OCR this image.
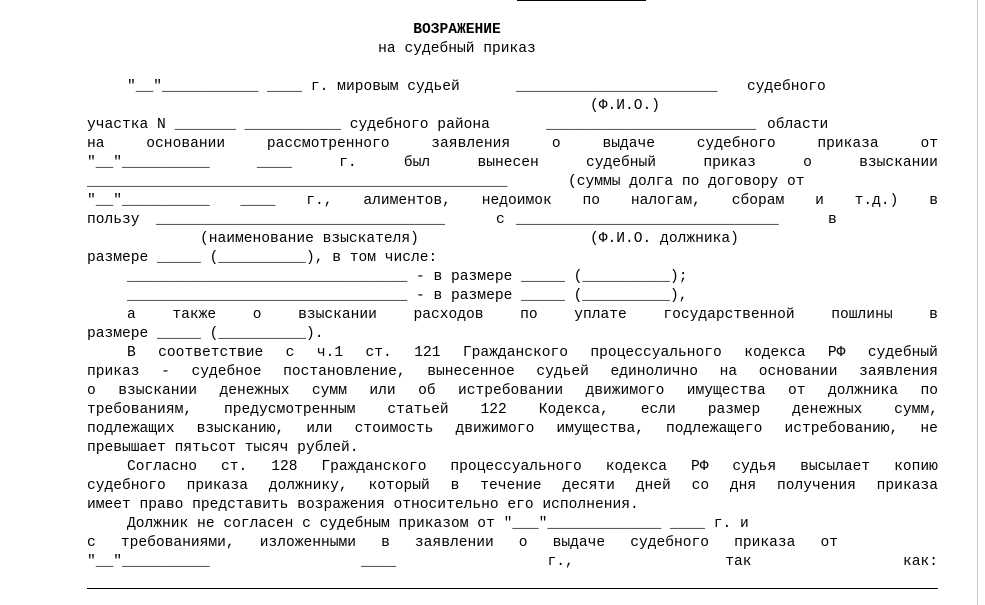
ВОЗРАЖЕНИЕ
на судебный приказ
"__"___________ ____ г. мировым судьей	_______________________ судебного
(Ф.И.О.)
участка N _______ ___________ судебного района	________________________ области
на	основании	рассмотренного	заявления	о	выдаче	судебного	приказа	от
"__"__________	____	г.	был	вынесен	судебный	приказ	о	взыскании
________________________________________________	(суммы долга по договору от
"__"__________ ____ г., алиментов, недоимок по налогам, сборам и т.д.) в
пользу _________________________________	с ______________________________	в
(наименование взыскателя)	(Ф.И.О. должника)
размере _____ (__________), в том числе:
________________________________ - в размере _____ (__________);
________________________________ - в размере _____ (__________),
а	также	о	взыскании	расходов	по	уплате	государственной	пошлины	в
размере _____ (__________).
В соответствие с ч.1 ст. 121 Гражданского процессуального кодекса РФ судебный
приказ - судебное постановление, вынесенное судьей единолично на основании заявления
о взыскании денежных сумм или об истребовании движимого имущества от должника по
требованиям, предусмотренным статьей 122 Кодекса, если размер денежных сумм,
подлежащих взысканию, или стоимость движимого имущества, подлежащего истребованию, не
превышает пятьсот тысяч рублей.
Согласно ст. 128 Гражданского процессуального кодекса РФ судья высылает копию
судебного приказа должнику, который в течение десяти дней со дня получения приказа
имеет право представить возражения относительно его исполнения.
Должник не согласен с судебным приказом от "___"_____________ ____ г. и
с требованиями, изложенными в заявлении о выдаче судебного приказа от
"__"__________	____	г.,	так	как:
